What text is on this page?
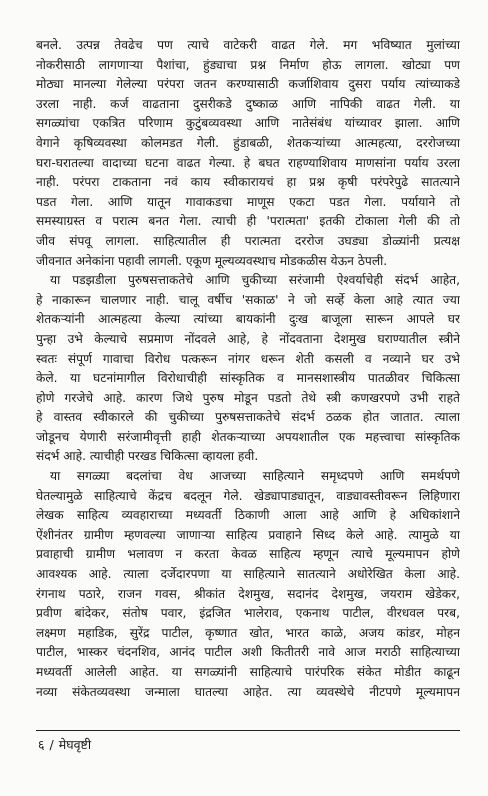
बनले. उत्पन्न तेवढेच पण त्याचे वाटेकरी वाढत गेले. मग भविष्यात मुलांच्या
नोकरीसाठी लागणाऱ्या पैशांचा, हुंड्याचा प्रश्न निर्माण होऊ लागला. खोट्या पण
मोठ्या मानल्या गेलेल्या परंपरा जतन करण्यासाठी कर्जाशिवाय दुसरा पर्याय त्यांच्याकडे
उरला नाही. कर्ज वाढताना दुसरीकडे दुष्काळ आणि नापिकी वाढत गेली. या
सगळ्यांचा एकत्रित परिणाम कुटुंबव्यवस्था आणि नातेसंबंध यांच्यावर झाला. आणि
वेगाने कृषिव्यवस्था कोलमडत गेली. हुंडाबळी, शेतकऱ्यांच्या आत्महत्या, दररोजच्या
घरा-घरातल्या वादाच्या घटना वाढत गेल्या. हे बघत राहण्याशिवाय माणसांना पर्याय उरला
नाही. परंपरा टाकताना नवं काय स्वीकारायचं हा प्रश्न कृषी परंपरेपुढे सातत्याने
पडत गेला. आणि यातून गावाकडचा माणूस एकटा पडत गेला. पर्यायाने तो
समस्याग्रस्त व परात्म बनत गेला. त्याची ही 'परात्मता' इतकी टोकाला गेली की तो
जीव संपवू लागला. साहित्यातील ही परात्मता दररोज उघड्या डोळ्यांनी प्रत्यक्ष
जीवनात अनेकांना पहावी लागली. एकूण मूल्यव्यवस्थाच मोडकळीस येऊन ठेपली.
या पडझडीला पुरुषसत्ताकतेचे आणि चुकीच्या सरंजामी ऐश्वर्याचेही संदर्भ आहेत,
हे नाकारून चालणार नाही. चालू वर्षीच 'सकाळ' ने जो सर्व्हे केला आहे त्यात ज्या
शेतकऱ्यांनी आत्महत्या केल्या त्यांच्या बायकांनी दुःख बाजूला सारून आपले घर
पुन्हा उभे केल्याचे सप्रमाण नोंदवले आहे, हे नोंदवताना देशमुख घराण्यातील स्त्रीने
स्वतः संपूर्ण गावाचा विरोध पत्करून नांगर धरून शेती कसली व नव्याने घर उभे
केले. या घटनांमागील विरोधाचीही सांस्कृतिक व मानसशास्त्रीय पातळीवर चिकित्सा
होणे गरजेचे आहे. कारण जिथे पुरुष मोडून पडतो तेथे स्त्री कणखरपणे उभी राहते
हे वास्तव स्वीकारले की चुकीच्या पुरुषसत्ताकतेचे संदर्भ ठळक होत जातात. त्याला
जोडूनच येणारी सरंजामीवृत्ती हाही शेतकऱ्याच्या अपयशातील एक महत्त्वाचा सांस्कृतिक
संदर्भ आहे. त्याचीही परखड चिकित्सा व्हायला हवी.
या सगळ्या बदलांचा वेध आजच्या साहित्याने समृध्दपणे आणि समर्थपणे
घेतल्यामुळे साहित्याचे केंद्रच बदलून गेले. खेड्यापाड्यातून, वाड्यावस्तीवरून लिहिणारा
लेखक साहित्य व्यवहाराच्या मध्यवर्ती ठिकाणी आला आहे आणि हे अधिकांशाने
ऐंशीनंतर ग्रामीण म्हणवल्या जाणाऱ्या साहित्य प्रवाहाने सिध्द केले आहे. त्यामुळे या
प्रवाहाची ग्रामीण भलावण न करता केवळ साहित्य म्हणून त्याचे मूल्यमापन होणे
आवश्यक आहे. त्याला दर्जेदारपणा या साहित्याने सातत्याने अधोरेखित केला आहे.
रंगनाथ पठारे, राजन गवस, श्रीकांत देशमुख, सदानंद देशमुख, जयराम खेडेकर,
प्रवीण बांदेकर, संतोष पवार, इंद्रजित भालेराव, एकनाथ पाटील, वीरधवल परब,
लक्ष्मण महाडिक, सुरेंद्र पाटील, कृष्णात खोत, भारत काळे, अजय कांडर, मोहन
पाटील, भास्कर चंदनशिव, आनंद पाटील अशी कितीतरी नावे आज मराठी साहित्याच्या
मध्यवर्ती आलेली आहेत. या सगळ्यांनी साहित्याचे पारंपरिक संकेत मोडीत काढून
नव्या संकेतव्यवस्था जन्माला घातल्या आहेत. त्या व्यवस्थेचे नीटपणे मूल्यमापन
६ / मेघवृष्टी
